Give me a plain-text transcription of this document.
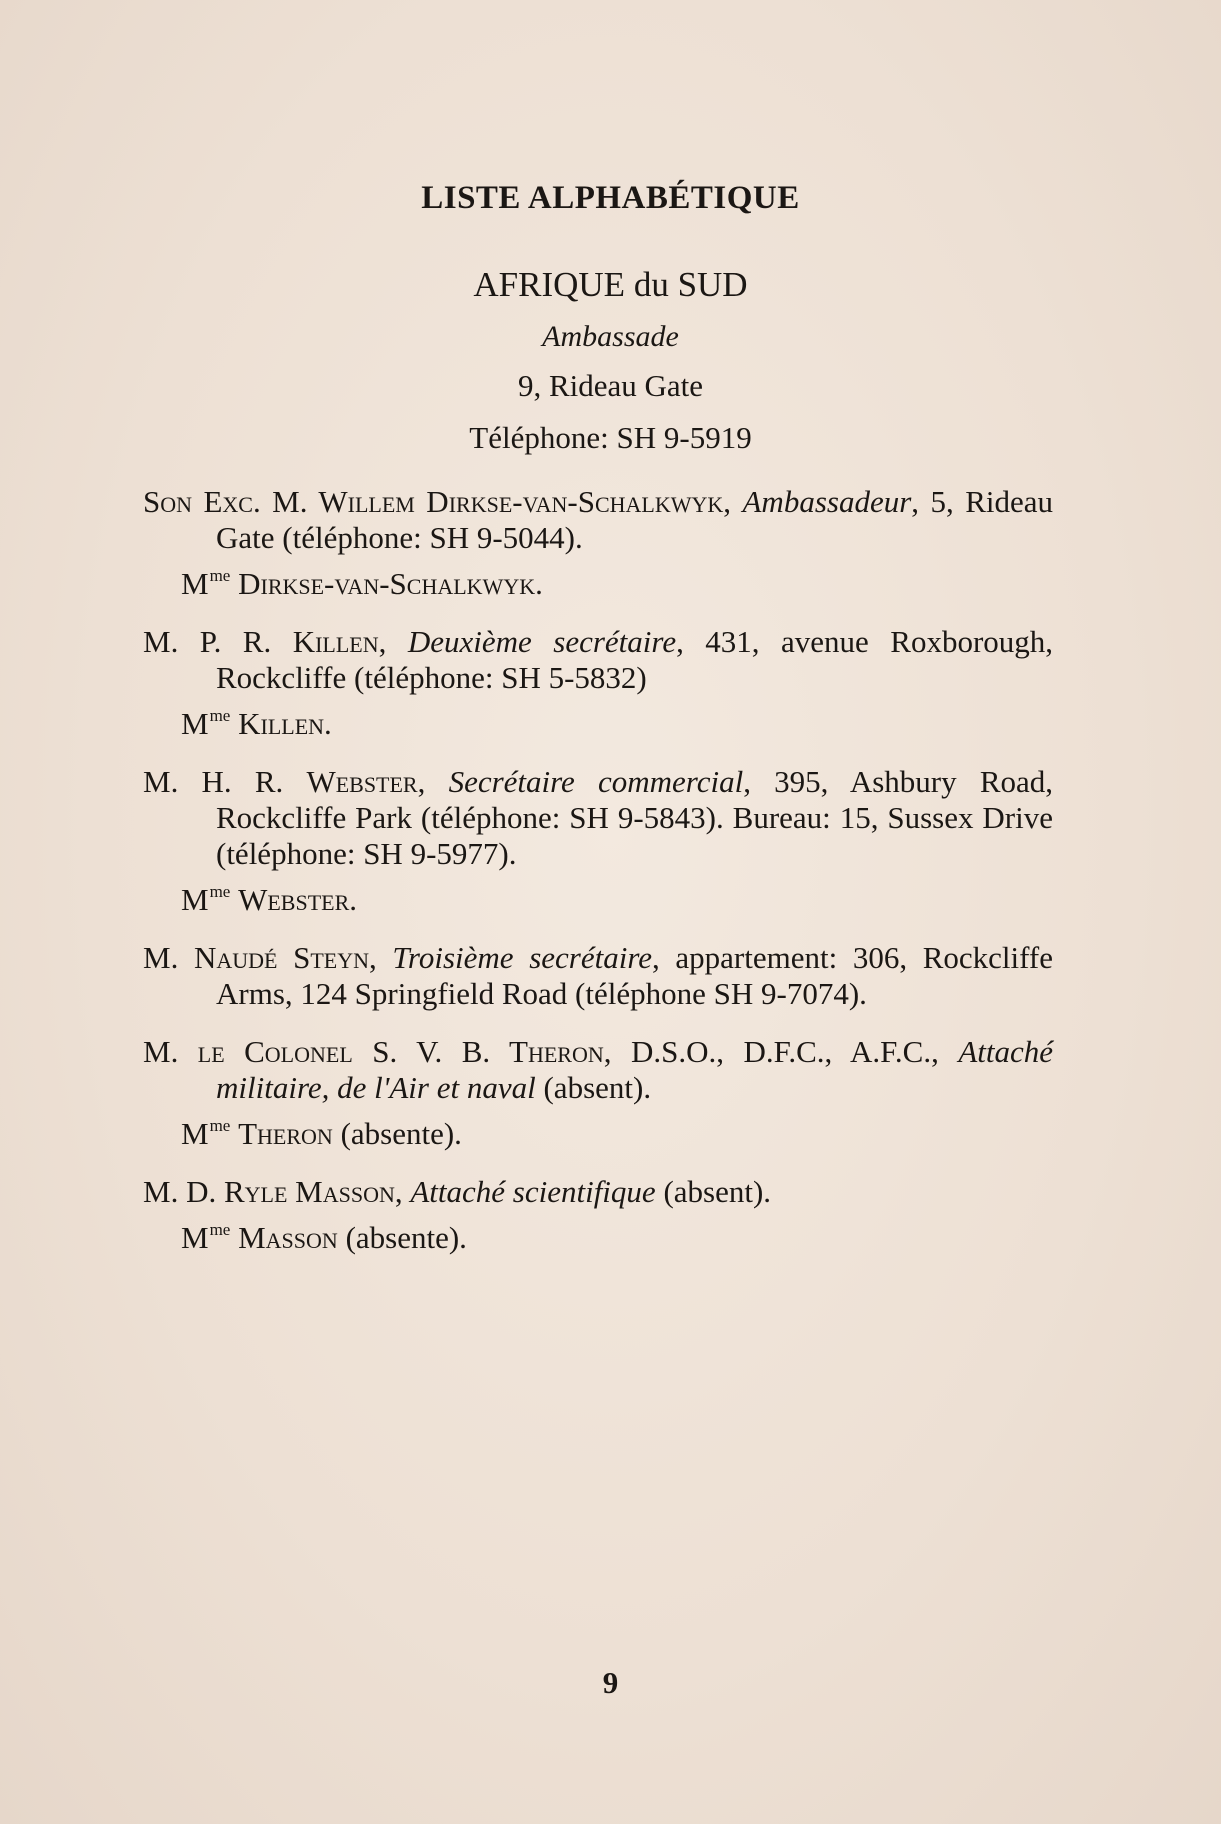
LISTE ALPHABÉTIQUE
AFRIQUE du SUD
Ambassade
9, Rideau Gate
Téléphone: SH 9-5919
Son Exc. M. Willem Dirkse-van-Schalkwyk, Ambassadeur, 5, Rideau Gate (téléphone: SH 9-5044).
$M^{me}$ Dirkse-van-Schalkwyk.
M. P. R. Killen, Deuxième secrétaire, 431, avenue Roxborough, Rockcliffe (téléphone: SH 5-5832)
$M^{me}$ Killen.
M. H. R. Webster, Secrétaire commercial, 395, Ashbury Road, Rockcliffe Park (téléphone: SH 9-5843). Bureau: 15, Sussex Drive (téléphone: SH 9-5977).
$M^{me}$ Webster.
M. Naudé Steyn, Troisième secrétaire, appartement: 306, Rockcliffe Arms, 124 Springfield Road (téléphone SH 9-7074).
M. le Colonel S. V. B. Theron, D.S.O., D.F.C., A.F.C., Attaché militaire, de l'Air et naval (absent).
$M^{me}$ Theron (absente).
M. D. Ryle Masson, Attaché scientifique (absent).
$M^{me}$ Masson (absente).
9
